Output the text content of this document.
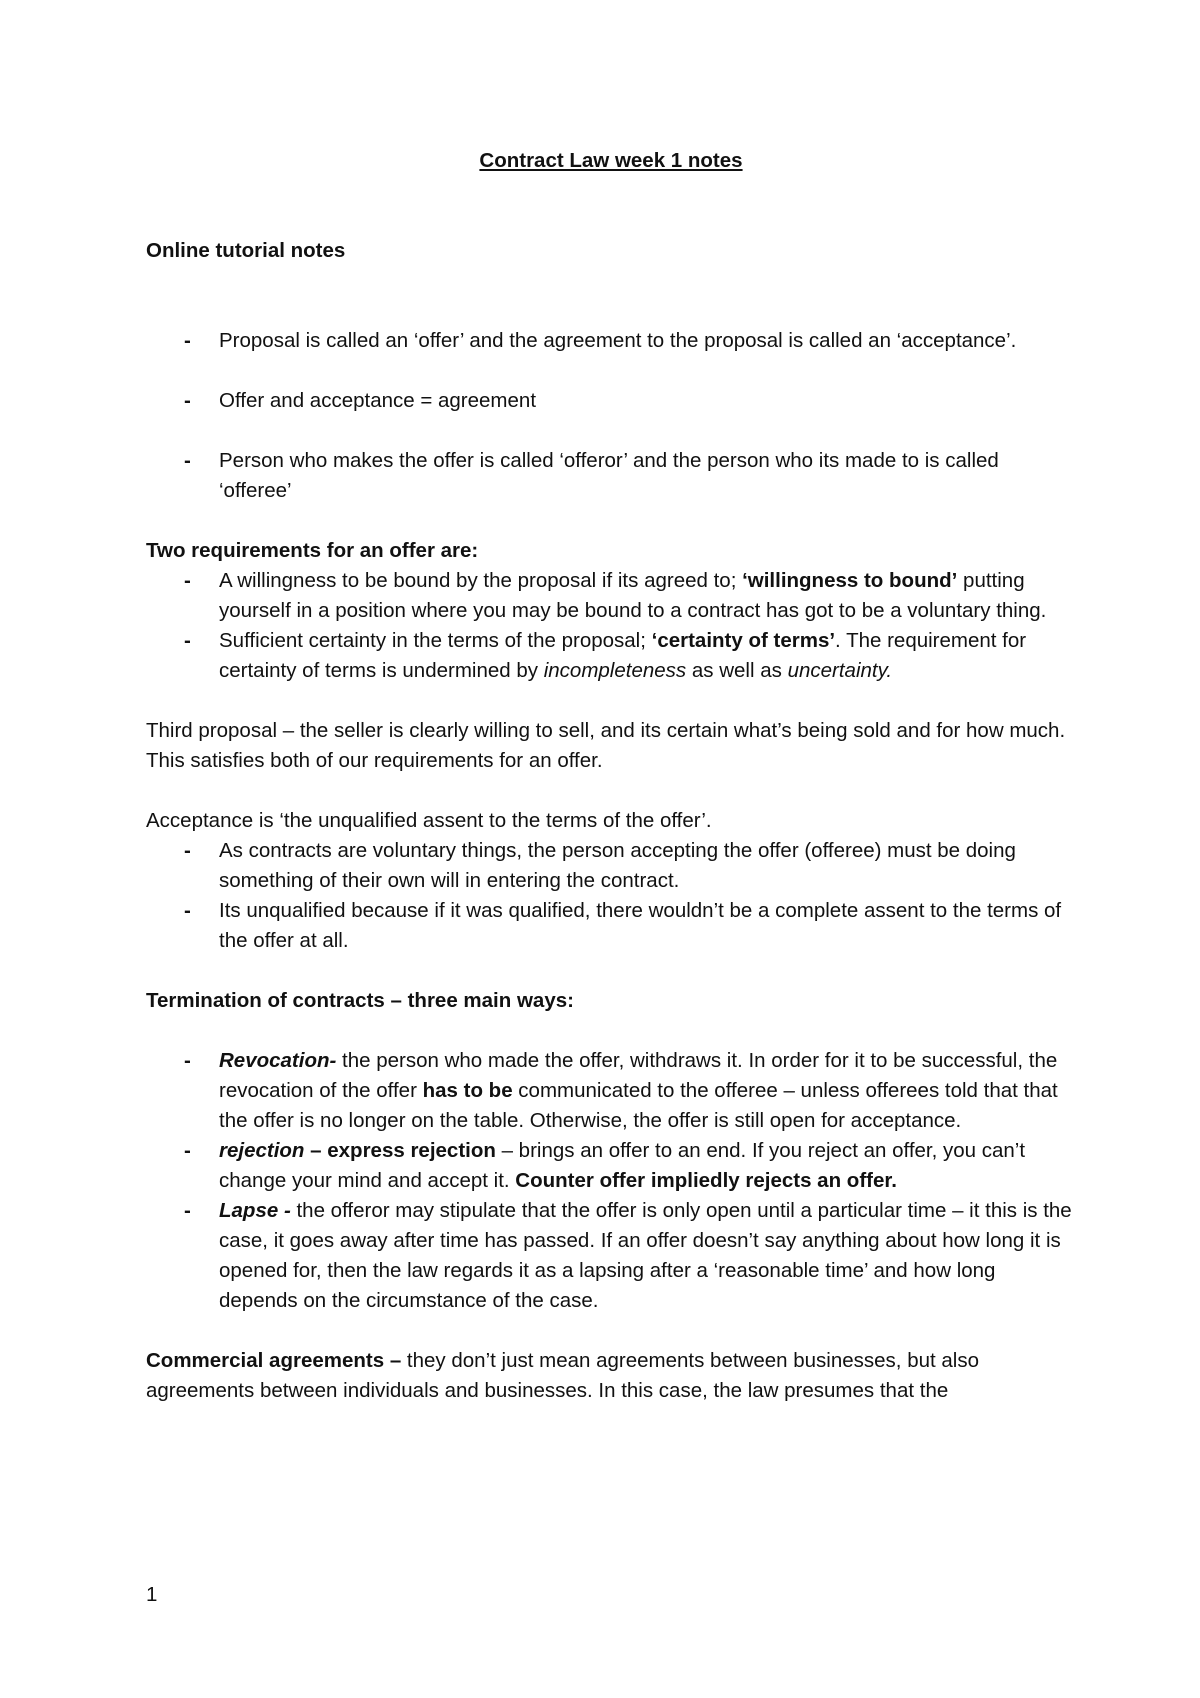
Contract Law week 1 notes

Online tutorial notes

- Proposal is called an ‘offer’ and the agreement to the proposal is called an ‘acceptance’.
- Offer and acceptance = agreement
- Person who makes the offer is called ‘offeror’ and the person who its made to is called ‘offeree’

Two requirements for an offer are:

- A willingness to be bound by the proposal if its agreed to; ‘willingness to bound’ putting yourself in a position where you may be bound to a contract has got to be a voluntary thing.
- Sufficient certainty in the terms of the proposal; ‘certainty of terms’. The requirement for certainty of terms is undermined by incompleteness as well as uncertainty.

Third proposal – the seller is clearly willing to sell, and its certain what’s being sold and for how much. This satisfies both of our requirements for an offer.

Acceptance is ‘the unqualified assent to the terms of the offer’.

- As contracts are voluntary things, the person accepting the offer (offeree) must be doing something of their own will in entering the contract.
- Its unqualified because if it was qualified, there wouldn’t be a complete assent to the terms of the offer at all.

Termination of contracts – three main ways:

- Revocation- the person who made the offer, withdraws it. In order for it to be successful, the revocation of the offer has to be communicated to the offeree – unless offerees told that that the offer is no longer on the table. Otherwise, the offer is still open for acceptance.
- rejection – express rejection – brings an offer to an end. If you reject an offer, you can’t change your mind and accept it. Counter offer impliedly rejects an offer.
- Lapse - the offeror may stipulate that the offer is only open until a particular time – it this is the case, it goes away after time has passed. If an offer doesn’t say anything about how long it is opened for, then the law regards it as a lapsing after a ‘reasonable time’ and how long depends on the circumstance of the case.

Commercial agreements – they don’t just mean agreements between businesses, but also agreements between individuals and businesses. In this case, the law presumes that the

1
